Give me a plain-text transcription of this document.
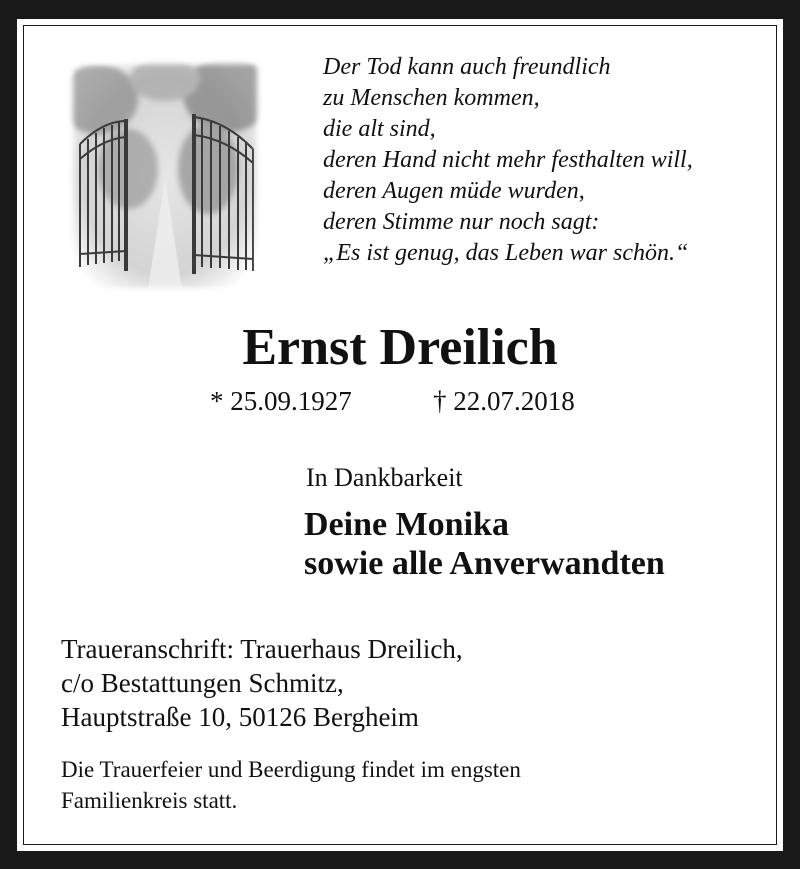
Der Tod kann auch freundlich
zu Menschen kommen,
die alt sind,
deren Hand nicht mehr festhalten will,
deren Augen müde wurden,
deren Stimme nur noch sagt:
„Es ist genug, das Leben war schön.“
Ernst Dreilich
* 25.09.1927	† 22.07.2018
In Dankbarkeit
Deine Monika
sowie alle Anverwandten
Traueranschrift: Trauerhaus Dreilich,
c/o Bestattungen Schmitz,
Hauptstraße 10, 50126 Bergheim
Die Trauerfeier und Beerdigung findet im engsten
Familienkreis statt.
